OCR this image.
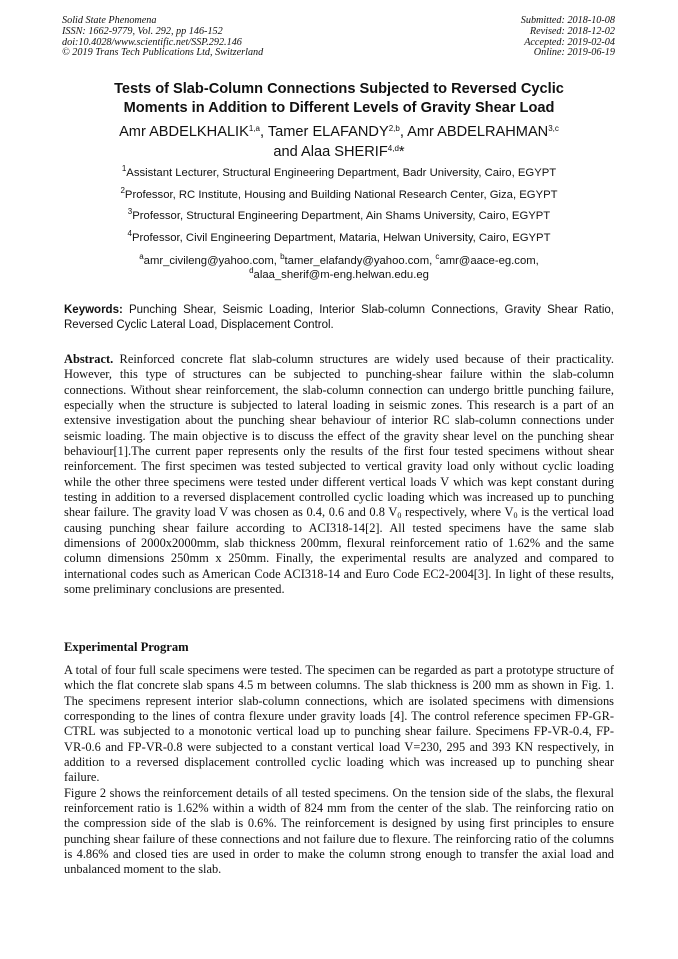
Solid State Phenomena
ISSN: 1662-9779, Vol. 292, pp 146-152
doi:10.4028/www.scientific.net/SSP.292.146
© 2019 Trans Tech Publications Ltd, Switzerland
Submitted: 2018-10-08
Revised: 2018-12-02
Accepted: 2019-02-04
Online: 2019-06-19
Tests of Slab-Column Connections Subjected to Reversed Cyclic
Moments in Addition to Different Levels of Gravity Shear Load
Amr ABDELKHALIK$^{1,a}$, Tamer ELAFANDY$^{2,b}$, Amr ABDELRAHMAN$^{3,c}$
and Alaa SHERIF$^{4,d}$*
$^1$Assistant Lecturer, Structural Engineering Department, Badr University, Cairo, EGYPT
$^2$Professor, RC Institute, Housing and Building National Research Center, Giza, EGYPT
$^3$Professor, Structural Engineering Department, Ain Shams University, Cairo, EGYPT
$^4$Professor, Civil Engineering Department, Mataria, Helwan University, Cairo, EGYPT
$^a$amr_civileng@yahoo.com, $^b$tamer_elafandy@yahoo.com, $^c$amr@aace-eg.com,
$^d$alaa_sherif@m-eng.helwan.edu.eg
Keywords: Punching Shear, Seismic Loading, Interior Slab-column Connections, Gravity Shear Ratio, Reversed Cyclic Lateral Load, Displacement Control.
Abstract. Reinforced concrete flat slab-column structures are widely used because of their practicality. However, this type of structures can be subjected to punching-shear failure within the slab-column connections. Without shear reinforcement, the slab-column connection can undergo brittle punching failure, especially when the structure is subjected to lateral loading in seismic zones. This research is a part of an extensive investigation about the punching shear behaviour of interior RC slab-column connections under seismic loading. The main objective is to discuss the effect of the gravity shear level on the punching shear behaviour[1].The current paper represents only the results of the first four tested specimens without shear reinforcement. The first specimen was tested subjected to vertical gravity load only without cyclic loading while the other three specimens were tested under different vertical loads V which was kept constant during testing in addition to a reversed displacement controlled cyclic loading which was increased up to punching shear failure. The gravity load V was chosen as 0.4, 0.6 and 0.8 $V_0$ respectively, where $V_0$ is the vertical load causing punching shear failure according to ACI318-14[2]. All tested specimens have the same slab dimensions of 2000x2000mm, slab thickness 200mm, flexural reinforcement ratio of 1.62% and the same column dimensions 250mm x 250mm. Finally, the experimental results are analyzed and compared to international codes such as American Code ACI318-14 and Euro Code EC2-2004[3]. In light of these results, some preliminary conclusions are presented.
Experimental Program

A total of four full scale specimens were tested. The specimen can be regarded as part a prototype structure of which the flat concrete slab spans 4.5 m between columns. The slab thickness is 200 mm as shown in Fig. 1. The specimens represent interior slab-column connections, which are isolated specimens with dimensions corresponding to the lines of contra flexure under gravity loads [4]. The control reference specimen FP-GR-CTRL was subjected to a monotonic vertical load up to punching shear failure. Specimens FP-VR-0.4, FP-VR-0.6 and FP-VR-0.8 were subjected to a constant vertical load V=230, 295 and 393 KN respectively, in addition to a reversed displacement controlled cyclic loading which was increased up to punching shear failure.

Figure 2 shows the reinforcement details of all tested specimens. On the tension side of the slabs, the flexural reinforcement ratio is 1.62% within a width of 824 mm from the center of the slab. The reinforcing ratio on the compression side of the slab is 0.6%. The reinforcement is designed by using first principles to ensure punching shear failure of these connections and not failure due to flexure. The reinforcing ratio of the columns is 4.86% and closed ties are used in order to make the column strong enough to transfer the axial load and unbalanced moment to the slab.
